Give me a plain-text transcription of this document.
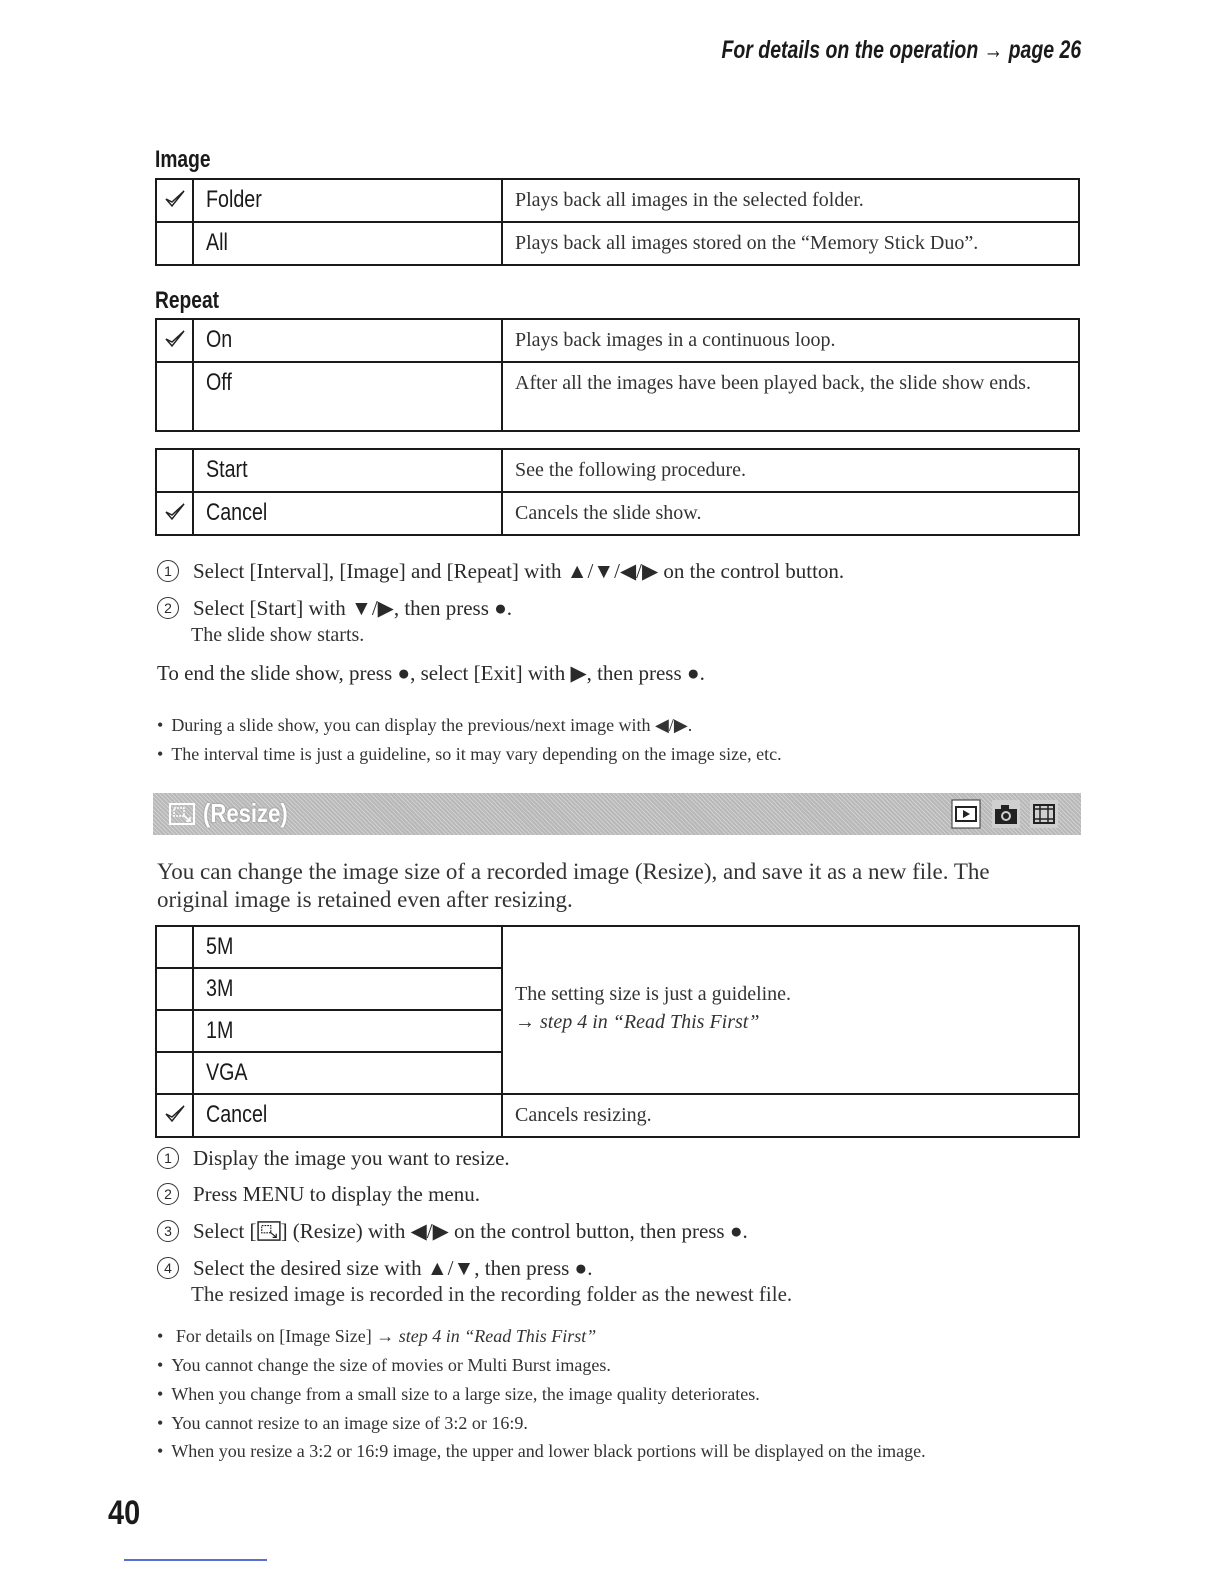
For details on the operation → page 26
Image
	Folder	Plays back all images in the selected folder.
	All	Plays back all images stored on the “Memory Stick Duo”.
Repeat
	On	Plays back images in a continuous loop.
	Off	After all the images have been played back, the slide show ends.
	Start	See the following procedure.

	Cancel	Cancels the slide show.
1 Select [Interval], [Image] and [Repeat] with ▲/▼/◀/▶ on the control button.
2 Select [Start] with ▼/▶, then press ●.
The slide show starts.
To end the slide show, press ●, select [Exit] with ▶, then press ●.
• During a slide show, you can display the previous/next image with ◀/▶.
• The interval time is just a guideline, so it may vary depending on the image size, etc.
(Resize)
You can change the image size of a recorded image (Resize), and save it as a new file. The original image is retained even after resizing.
	5M	The setting size is just a guideline.
→ step 4 in “Read This First”

	3M	
	1M	
	VGA	

	Cancel	Cancels resizing.
1 Display the image you want to resize.
2 Press MENU to display the menu.
3 Select [ ] (Resize) with ◀/▶ on the control button, then press ●.
4 Select the desired size with ▲/▼, then press ●.
The resized image is recorded in the recording folder as the newest file.
• For details on [Image Size] → step 4 in “Read This First”
• You cannot change the size of movies or Multi Burst images.
• When you change from a small size to a large size, the image quality deteriorates.
• You cannot resize to an image size of 3:2 or 16:9.
• When you resize a 3:2 or 16:9 image, the upper and lower black portions will be displayed on the image.
40
